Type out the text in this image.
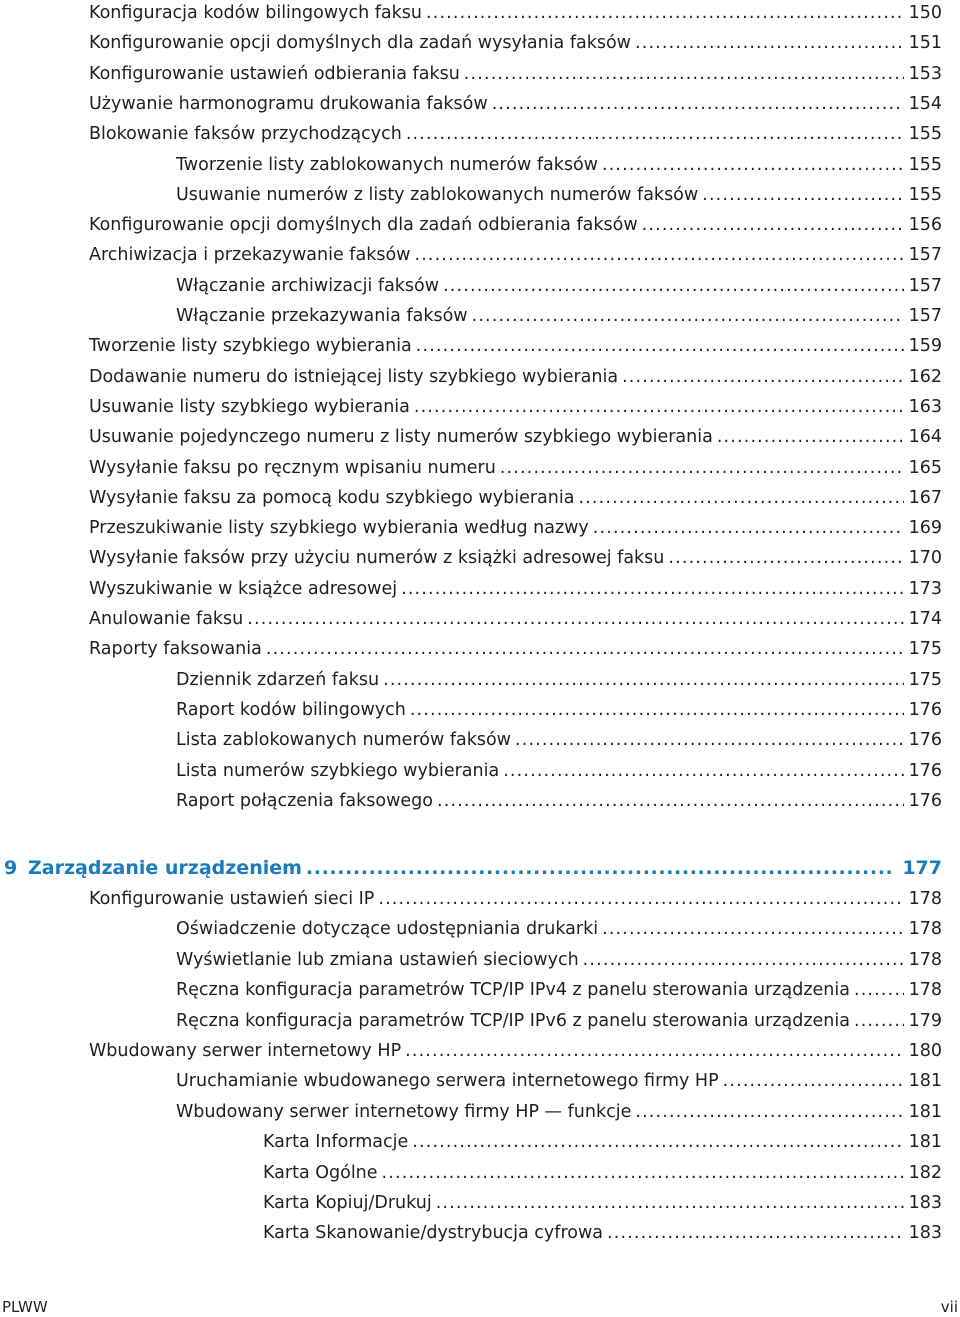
Konfiguracja kodów bilingowych faksu . . .	150
Konfigurowanie opcji domyślnych dla zadań wysyłania faksów . . .	151
Konfigurowanie ustawień odbierania faksu . . .	153
Używanie harmonogramu drukowania faksów . . .	154
Blokowanie faksów przychodzących . . .	155
Tworzenie listy zablokowanych numerów faksów . . .	155
Usuwanie numerów z listy zablokowanych numerów faksów . . .	155
Konfigurowanie opcji domyślnych dla zadań odbierania faksów . . .	156
Archiwizacja i przekazywanie faksów . . .	157
Włączanie archiwizacji faksów . . .	157
Włączanie przekazywania faksów . . .	157
Tworzenie listy szybkiego wybierania . . .	159
Dodawanie numeru do istniejącej listy szybkiego wybierania . . .	162
Usuwanie listy szybkiego wybierania . . .	163
Usuwanie pojedynczego numeru z listy numerów szybkiego wybierania . . .	164
Wysyłanie faksu po ręcznym wpisaniu numeru . . .	165
Wysyłanie faksu za pomocą kodu szybkiego wybierania . . .	167
Przeszukiwanie listy szybkiego wybierania według nazwy . . .	169
Wysyłanie faksów przy użyciu numerów z książki adresowej faksu . . .	170
Wyszukiwanie w książce adresowej . . .	173
Anulowanie faksu . . .	174
Raporty faksowania . . .	175
Dziennik zdarzeń faksu . . .	175
Raport kodów bilingowych . . .	176
Lista zablokowanych numerów faksów . . .	176
Lista numerów szybkiego wybierania . . .	176
Raport połączenia faksowego . . .	176
9 Zarządzanie urządzeniem . . .	177
Konfigurowanie ustawień sieci IP . . .	178
Oświadczenie dotyczące udostępniania drukarki . . .	178
Wyświetlanie lub zmiana ustawień sieciowych . . .	178
Ręczna konfiguracja parametrów TCP/IP IPv4 z panelu sterowania urządzenia . . .	178
Ręczna konfiguracja parametrów TCP/IP IPv6 z panelu sterowania urządzenia . . .	179
Wbudowany serwer internetowy HP . . .	180
Uruchamianie wbudowanego serwera internetowego firmy HP . . .	181
Wbudowany serwer internetowy firmy HP — funkcje . . .	181
Karta Informacje . . .	181
Karta Ogólne . . .	182
Karta Kopiuj/Drukuj . . .	183
Karta Skanowanie/dystrybucja cyfrowa . . .	183
PLWW	vii
